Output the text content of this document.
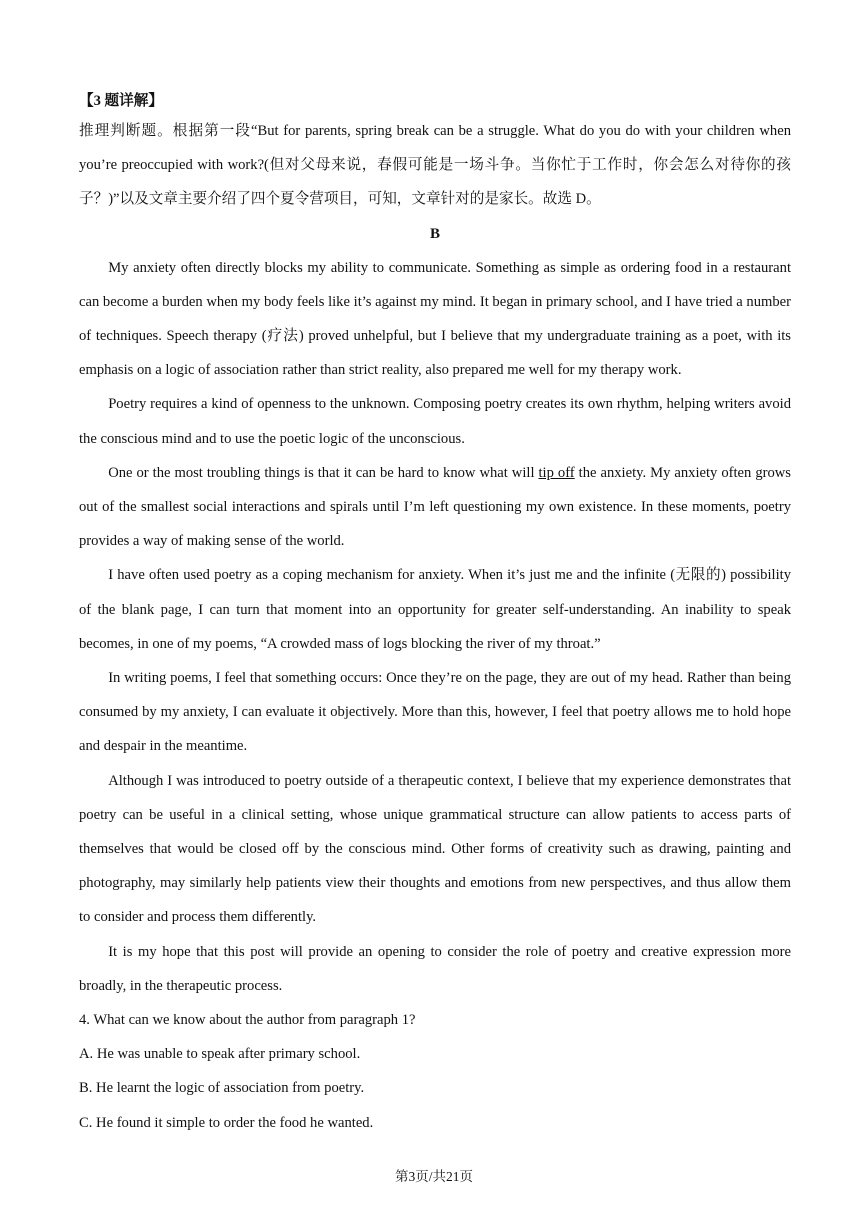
【3 题详解】

推理判断题。根据第一段“But for parents, spring break can be a struggle. What do you do with your children when you’re preoccupied with work?(但对父母来说，春假可能是一场斗争。当你忙于工作时，你会怎么对待你的孩子？)”以及文章主要介绍了四个夏令营项目，可知，文章针对的是家长。故选 D。

B

My anxiety often directly blocks my ability to communicate. Something as simple as ordering food in a restaurant can become a burden when my body feels like it’s against my mind. It began in primary school, and I have tried a number of techniques. Speech therapy (疗法) proved unhelpful, but I believe that my undergraduate training as a poet, with its emphasis on a logic of association rather than strict reality, also prepared me well for my therapy work.

Poetry requires a kind of openness to the unknown. Composing poetry creates its own rhythm, helping writers avoid the conscious mind and to use the poetic logic of the unconscious.

One or the most troubling things is that it can be hard to know what will tip off the anxiety. My anxiety often grows out of the smallest social interactions and spirals until I’m left questioning my own existence. In these moments, poetry provides a way of making sense of the world.

I have often used poetry as a coping mechanism for anxiety. When it’s just me and the infinite (无限的) possibility of the blank page, I can turn that moment into an opportunity for greater self-understanding. An inability to speak becomes, in one of my poems, “A crowded mass of logs blocking the river of my throat.”

In writing poems, I feel that something occurs: Once they’re on the page, they are out of my head. Rather than being consumed by my anxiety, I can evaluate it objectively. More than this, however, I feel that poetry allows me to hold hope and despair in the meantime.

Although I was introduced to poetry outside of a therapeutic context, I believe that my experience demonstrates that poetry can be useful in a clinical setting, whose unique grammatical structure can allow patients to access parts of themselves that would be closed off by the conscious mind. Other forms of creativity such as drawing, painting and photography, may similarly help patients view their thoughts and emotions from new perspectives, and thus allow them to consider and process them differently.

It is my hope that this post will provide an opening to consider the role of poetry and creative expression more broadly, in the therapeutic process.

4. What can we know about the author from paragraph 1?

A. He was unable to speak after primary school.

B. He learnt the logic of association from poetry.

C. He found it simple to order the food he wanted.

第3页/共21页
